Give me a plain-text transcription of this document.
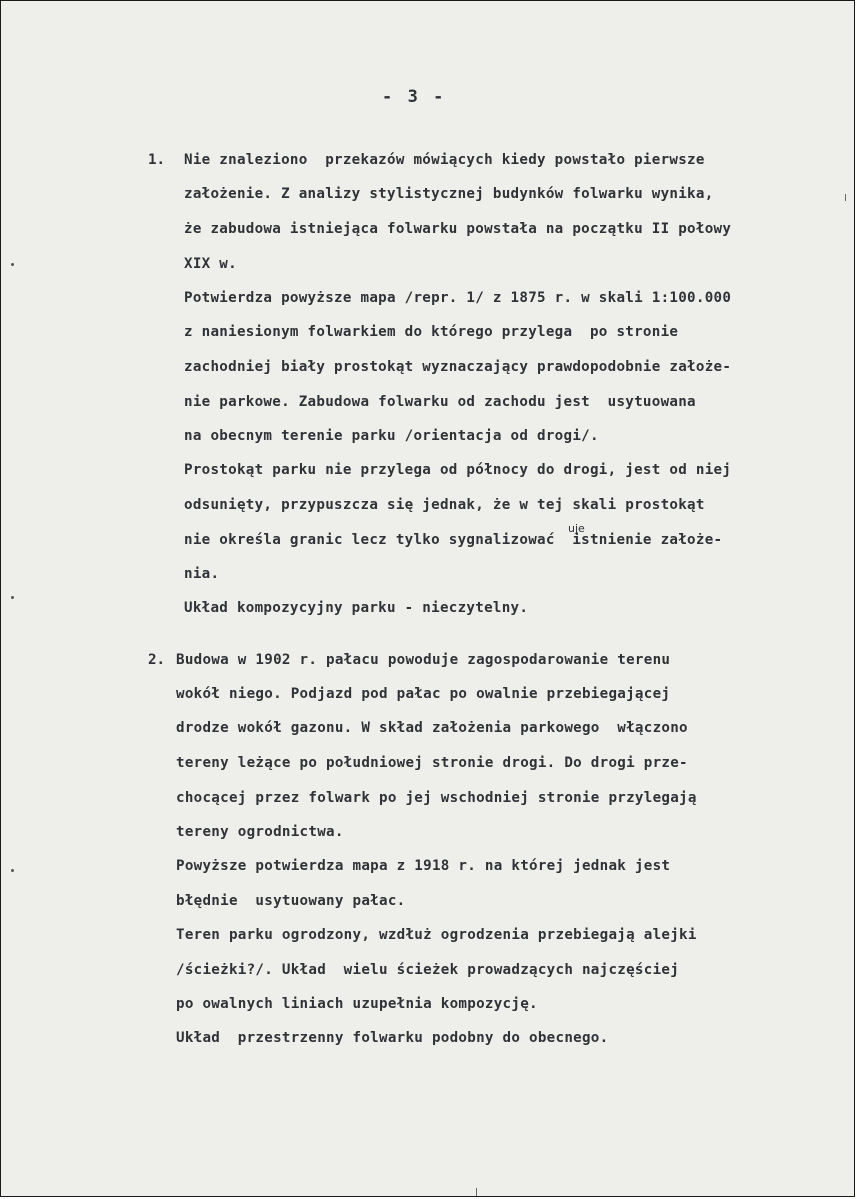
- 3 -

1. Nie znaleziono  przekazów mówiących kiedy powstało pierwsze

założenie. Z analizy stylistycznej budynków folwarku wynika,

że zabudowa istniejąca folwarku powstała na początku II połowy

XIX w.

Potwierdza powyższe mapa /repr. 1/ z 1875 r. w skali 1:100.000

z naniesionym folwarkiem do którego przylega  po stronie

zachodniej biały prostokąt wyznaczający prawdopodobnie założe-

nie parkowe. Zabudowa folwarku od zachodu jest  usytuowana

na obecnym terenie parku /orientacja od drogi/.

Prostokąt parku nie przylega od północy do drogi, jest od niej

odsunięty, przypuszcza się jednak, że w tej skali prostokąt

nie określa granic lecz tylko sygnalizować  istnienie założe-

nia.

Układ kompozycyjny parku - nieczytelny.

uje
2. Budowa w 1902 r. pałacu powoduje zagospodarowanie terenu

wokół niego. Podjazd pod pałac po owalnie przebiegającej

drodze wokół gazonu. W skład założenia parkowego  włączono

tereny leżące po południowej stronie drogi. Do drogi prze-

chocącej przez folwark po jej wschodniej stronie przylegają

tereny ogrodnictwa.

Powyższe potwierdza mapa z 1918 r. na której jednak jest

błędnie  usytuowany pałac.

Teren parku ogrodzony, wzdłuż ogrodzenia przebiegają alejki

/ścieżki?/. Układ  wielu ścieżek prowadzących najczęściej

po owalnych liniach uzupełnia kompozycję.

Układ  przestrzenny folwarku podobny do obecnego.
